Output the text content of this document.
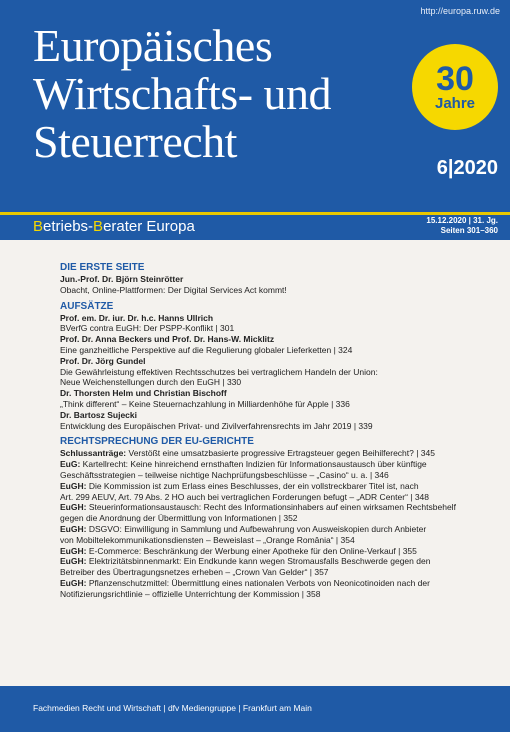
http://europa.ruw.de
Europäisches
Wirtschafts- und
Steuerrecht
30
Jahre
6|2020
Betriebs-Berater Europa	15.12.2020 | 31. Jg.
Seiten 301–360
DIE ERSTE SEITE
Jun.-Prof. Dr. Björn Steinrötter
Obacht, Online-Plattformen: Der Digital Services Act kommt!
AUFSÄTZE
Prof. em. Dr. iur. Dr. h.c. Hanns Ullrich
BVerfG contra EuGH: Der PSPP-Konflikt | 301
Prof. Dr. Anna Beckers und Prof. Dr. Hans-W. Micklitz
Eine ganzheitliche Perspektive auf die Regulierung globaler Lieferketten | 324
Prof. Dr. Jörg Gundel
Die Gewährleistung effektiven Rechtsschutzes bei vertraglichem Handeln der Union:
Neue Weichenstellungen durch den EuGH | 330
Dr. Thorsten Helm und Christian Bischoff
„Think different“ – Keine Steuernachzahlung in Milliardenhöhe für Apple | 336
Dr. Bartosz Sujecki
Entwicklung des Europäischen Privat- und Zivilverfahrensrechts im Jahr 2019 | 339
RECHTSPRECHUNG DER EU-GERICHTE
Schlussanträge: Verstößt eine umsatzbasierte progressive Ertragsteuer gegen Beihilferecht? | 345
EuG: Kartellrecht: Keine hinreichend ernsthaften Indizien für Informationsaustausch über künftige
Geschäftsstrategien – teilweise nichtige Nachprüfungsbeschlüsse – „Casino“ u. a. | 346
EuGH: Die Kommission ist zum Erlass eines Beschlusses, der ein vollstreckbarer Titel ist, nach
Art. 299 AEUV, Art. 79 Abs. 2 HO auch bei vertraglichen Forderungen befugt – „ADR Center“ | 348
EuGH: Steuerinformationsaustausch: Recht des Informationsinhabers auf einen wirksamen Rechtsbehelf
gegen die Anordnung der Übermittlung von Informationen | 352
EuGH: DSGVO: Einwilligung in Sammlung und Aufbewahrung von Ausweiskopien durch Anbieter
von Mobiltelekommunikationsdiensten – Beweislast – „Orange România“ | 354
EuGH: E-Commerce: Beschränkung der Werbung einer Apotheke für den Online-Verkauf | 355
EuGH: Elektrizitätsbinnenmarkt: Ein Endkunde kann wegen Stromausfalls Beschwerde gegen den
Betreiber des Übertragungsnetzes erheben – „Crown Van Gelder“ | 357
EuGH: Pflanzenschutzmittel: Übermittlung eines nationalen Verbots von Neonicotinoiden nach der
Notifizierungsrichtlinie – offizielle Unterrichtung der Kommission | 358
Fachmedien Recht und Wirtschaft | dfv Mediengruppe | Frankfurt am Main
